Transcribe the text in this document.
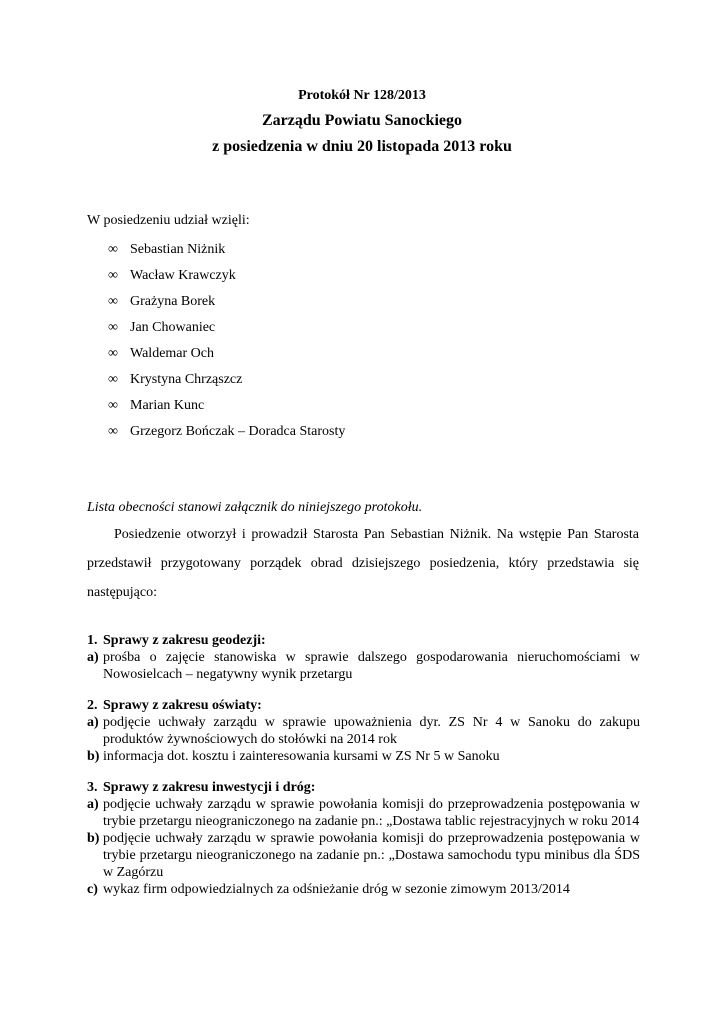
Protokół Nr 128/2013
Zarządu Powiatu Sanockiego
z posiedzenia w dniu 20 listopada 2013 roku
W posiedzeniu udział wzięli:
∞ Sebastian Niżnik
∞ Wacław Krawczyk
∞ Grażyna Borek
∞ Jan Chowaniec
∞ Waldemar Och
∞ Krystyna Chrząszcz
∞ Marian Kunc
∞ Grzegorz Bończak – Doradca Starosty
Lista obecności stanowi załącznik do niniejszego protokołu.

Posiedzenie otworzył i prowadził Starosta Pan Sebastian Niżnik. Na wstępie Pan Starosta przedstawił przygotowany porządek obrad dzisiejszego posiedzenia, który przedstawia się następująco:

1. Sprawy z zakresu geodezji:
a) prośba o zajęcie stanowiska w sprawie dalszego gospodarowania nieruchomościami w Nowosielcach – negatywny wynik przetargu
2. Sprawy z zakresu oświaty:
a) podjęcie uchwały zarządu w sprawie upoważnienia dyr. ZS Nr 4 w Sanoku do zakupu produktów żywnościowych do stołówki na 2014 rok
b) informacja dot. kosztu i zainteresowania kursami w ZS Nr 5 w Sanoku
3. Sprawy z zakresu inwestycji i dróg:
a) podjęcie uchwały zarządu w sprawie powołania komisji do przeprowadzenia postępowania w trybie przetargu nieograniczonego na zadanie pn.: „Dostawa tablic rejestracyjnych w roku 2014
b) podjęcie uchwały zarządu w sprawie powołania komisji do przeprowadzenia postępowania w trybie przetargu nieograniczonego na zadanie pn.: „Dostawa samochodu typu minibus dla ŚDS w Zagórzu
c) wykaz firm odpowiedzialnych za odśnieżanie dróg w sezonie zimowym 2013/2014
